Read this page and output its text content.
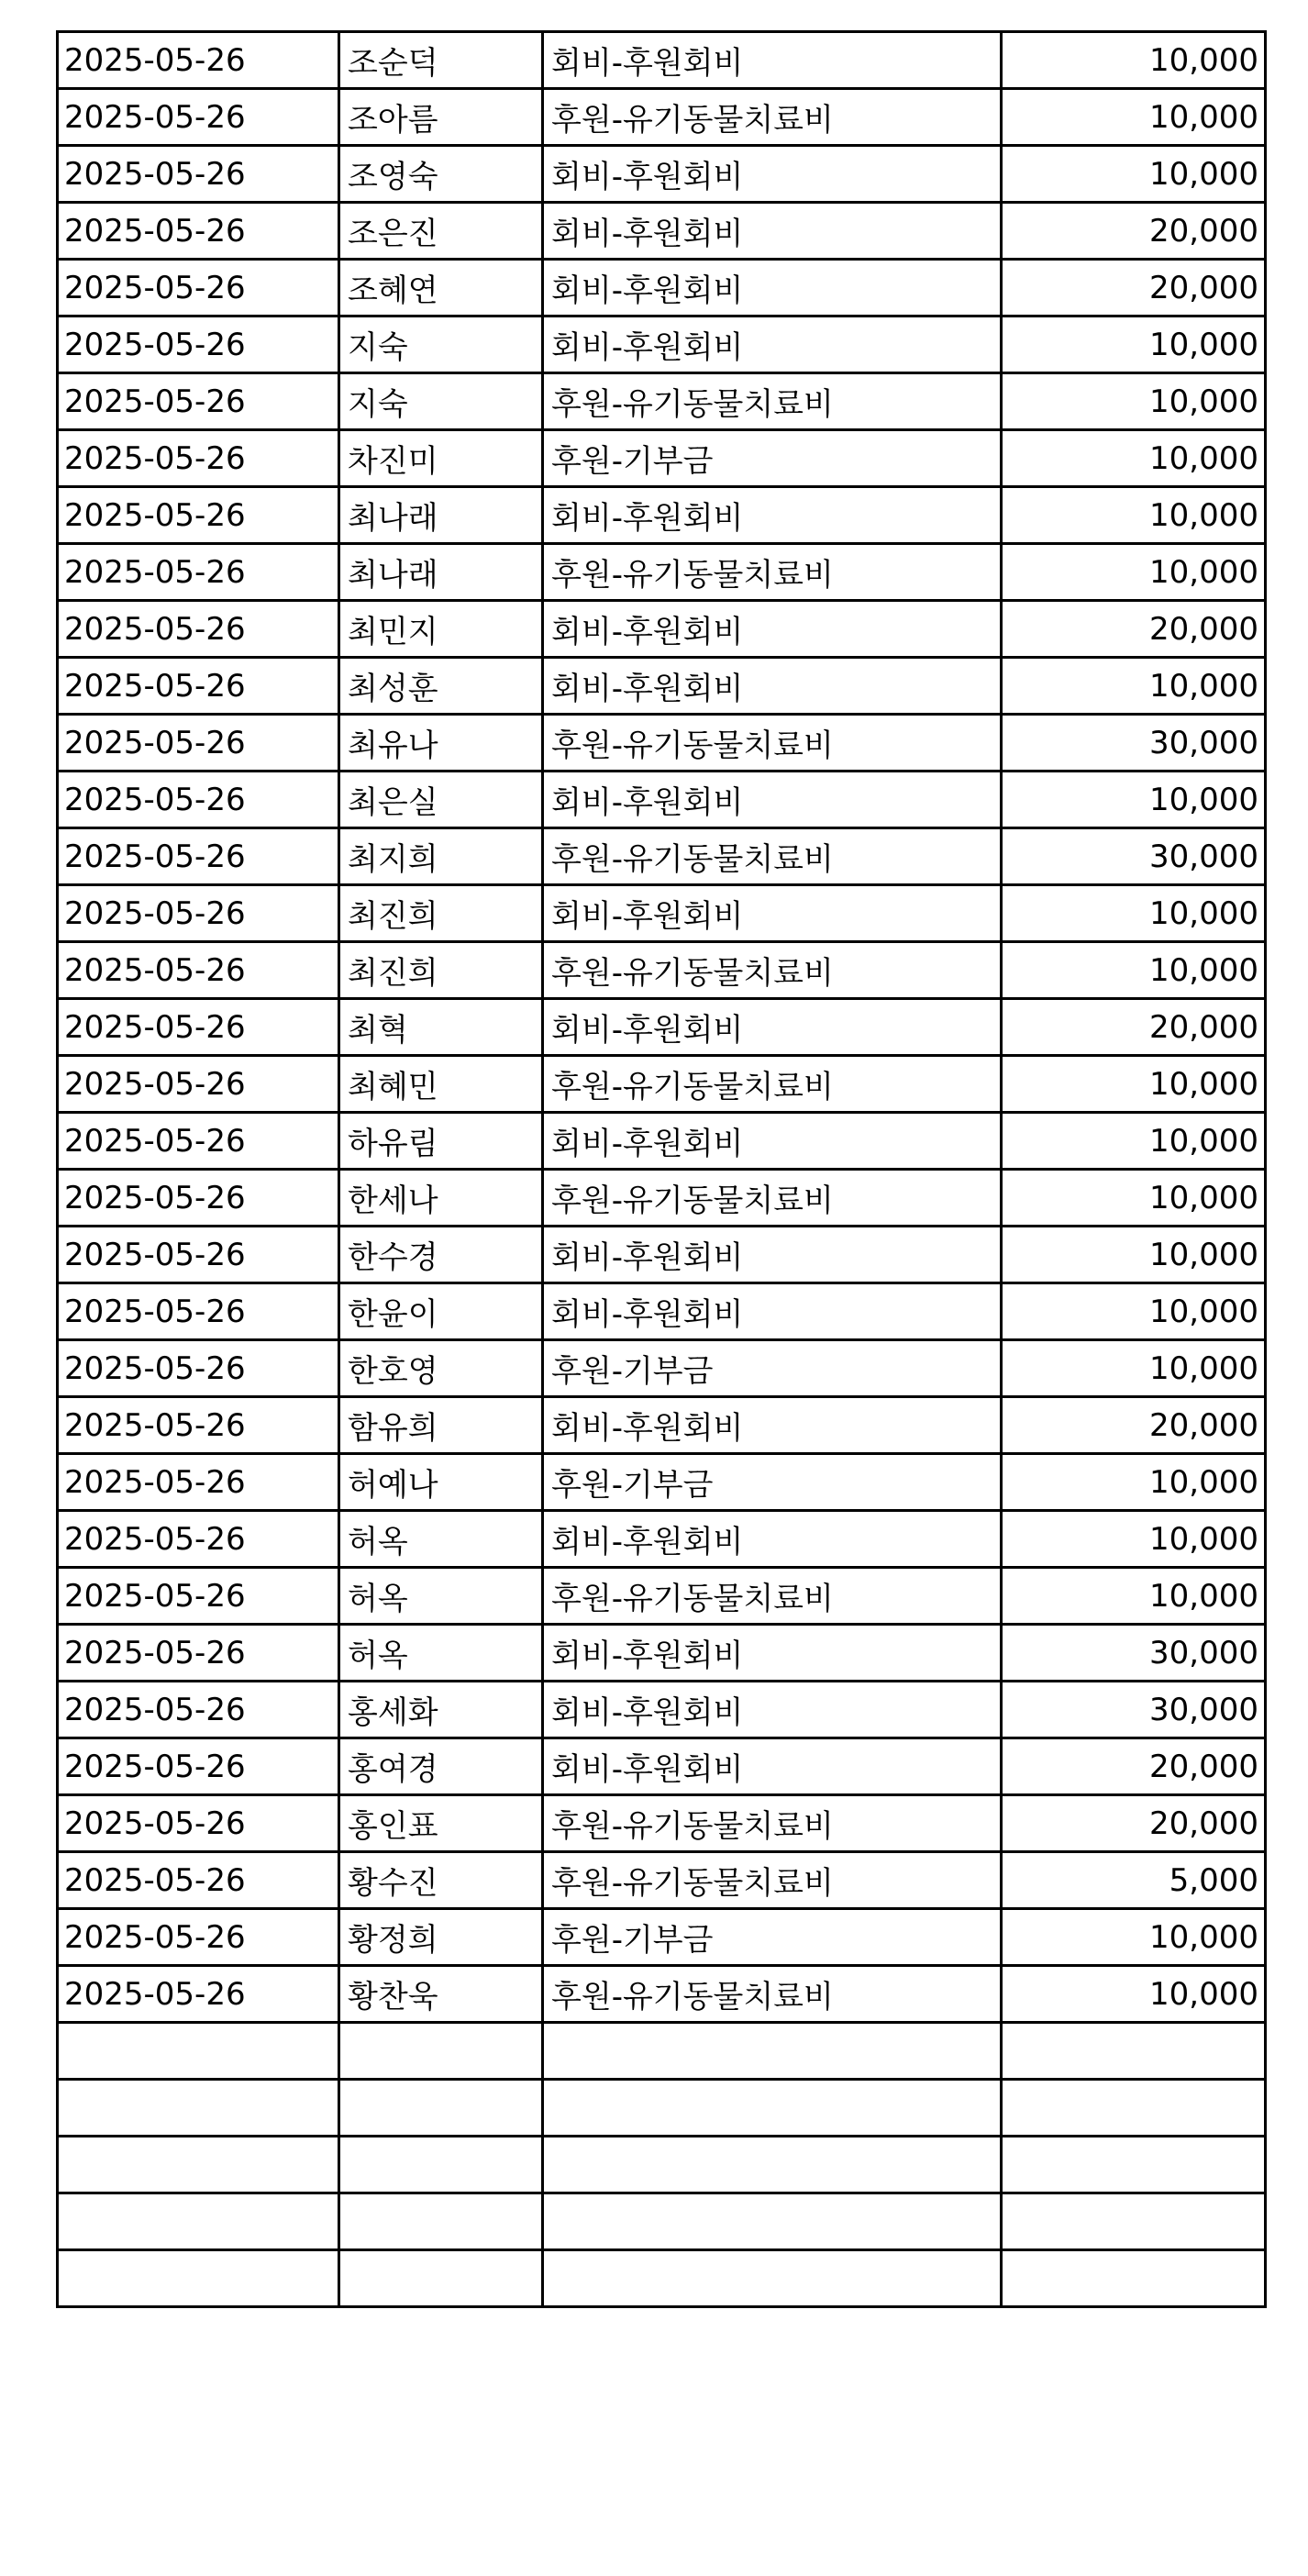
2025-05-26	조순덕	회비-후원회비	10,000
2025-05-26	조아름	후원-유기동물치료비	10,000
2025-05-26	조영숙	회비-후원회비	10,000
2025-05-26	조은진	회비-후원회비	20,000
2025-05-26	조혜연	회비-후원회비	20,000
2025-05-26	지숙	회비-후원회비	10,000
2025-05-26	지숙	후원-유기동물치료비	10,000
2025-05-26	차진미	후원-기부금	10,000
2025-05-26	최나래	회비-후원회비	10,000
2025-05-26	최나래	후원-유기동물치료비	10,000
2025-05-26	최민지	회비-후원회비	20,000
2025-05-26	최성훈	회비-후원회비	10,000
2025-05-26	최유나	후원-유기동물치료비	30,000
2025-05-26	최은실	회비-후원회비	10,000
2025-05-26	최지희	후원-유기동물치료비	30,000
2025-05-26	최진희	회비-후원회비	10,000
2025-05-26	최진희	후원-유기동물치료비	10,000
2025-05-26	최혁	회비-후원회비	20,000
2025-05-26	최혜민	후원-유기동물치료비	10,000
2025-05-26	하유림	회비-후원회비	10,000
2025-05-26	한세나	후원-유기동물치료비	10,000
2025-05-26	한수경	회비-후원회비	10,000
2025-05-26	한윤이	회비-후원회비	10,000
2025-05-26	한호영	후원-기부금	10,000
2025-05-26	함유희	회비-후원회비	20,000
2025-05-26	허예나	후원-기부금	10,000
2025-05-26	허옥	회비-후원회비	10,000
2025-05-26	허옥	후원-유기동물치료비	10,000
2025-05-26	허옥	회비-후원회비	30,000
2025-05-26	홍세화	회비-후원회비	30,000
2025-05-26	홍여경	회비-후원회비	20,000
2025-05-26	홍인표	후원-유기동물치료비	20,000
2025-05-26	황수진	후원-유기동물치료비	5,000
2025-05-26	황정희	후원-기부금	10,000
2025-05-26	황찬욱	후원-유기동물치료비	10,000
